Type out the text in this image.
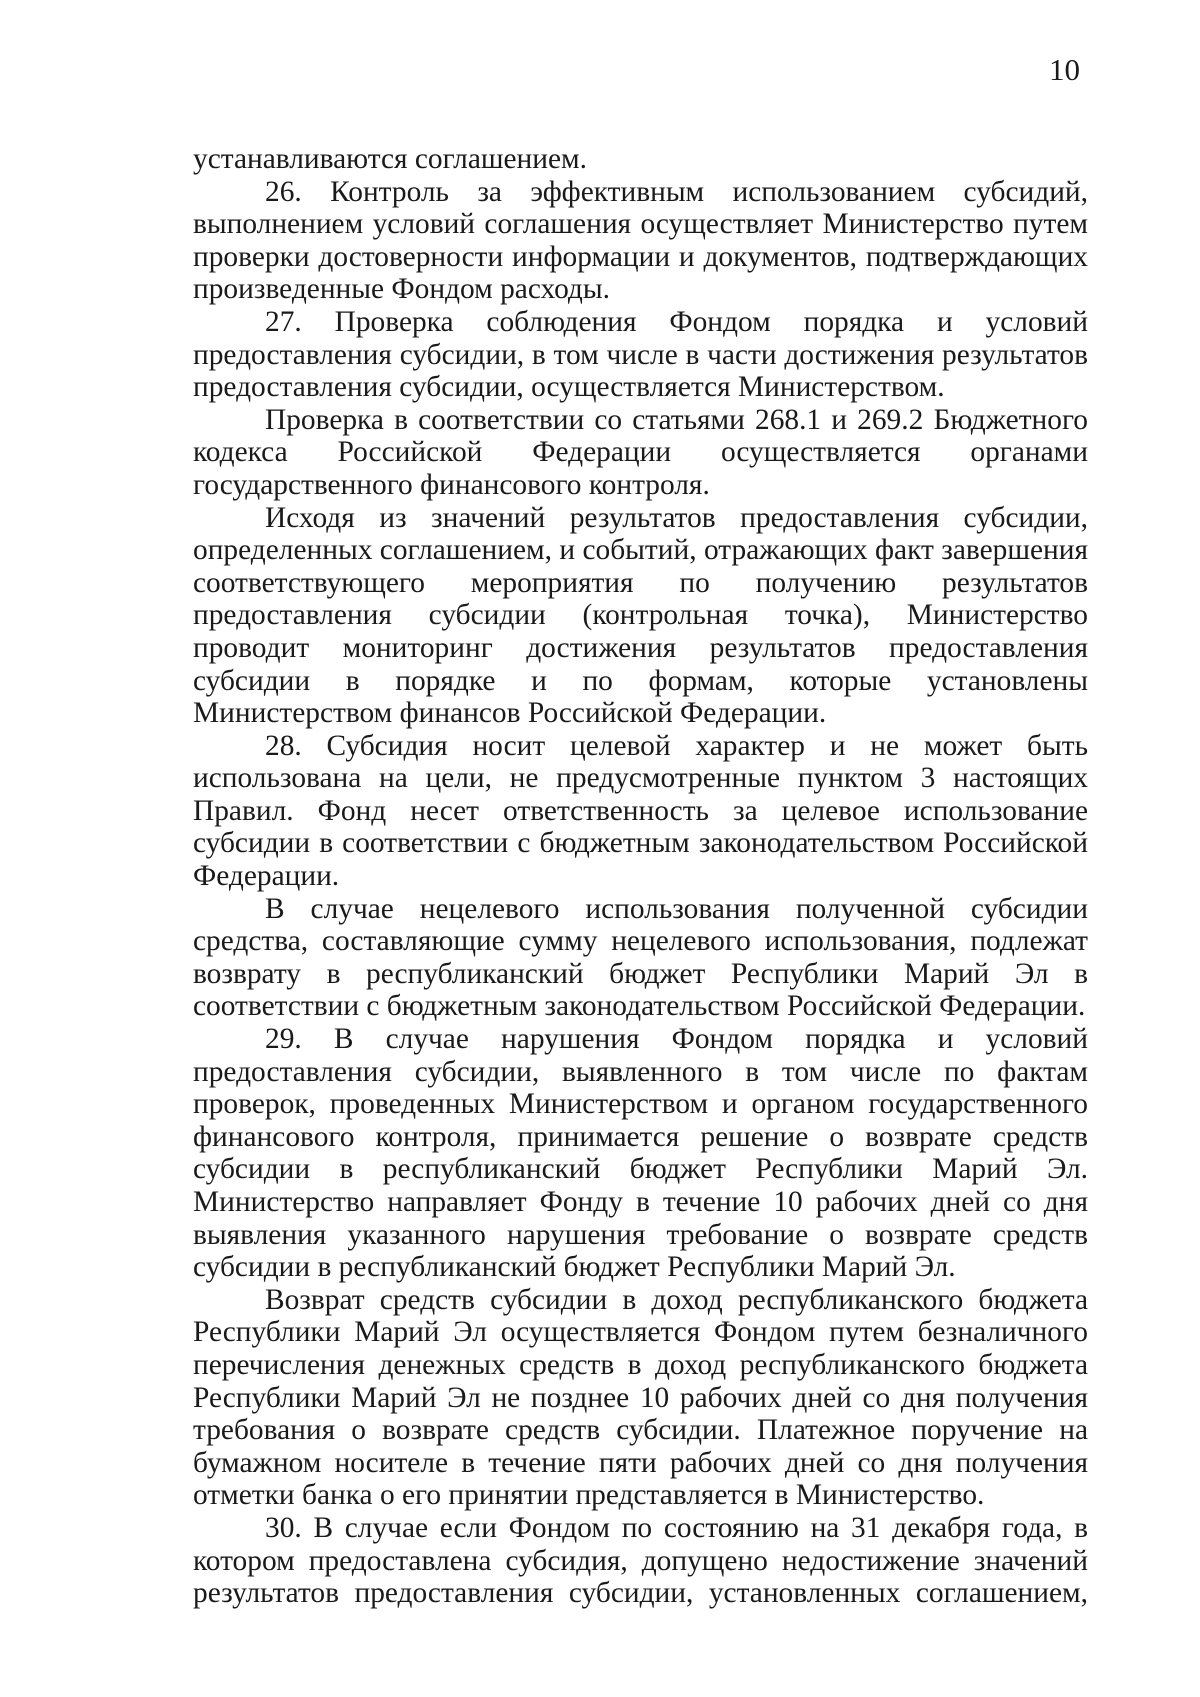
10

устанавливаются соглашением.

26. Контроль за эффективным использованием субсидий, выполнением условий соглашения осуществляет Министерство путем проверки достоверности информации и документов, подтверждающих произведенные Фондом расходы.

27. Проверка соблюдения Фондом порядка и условий предоставления субсидии, в том числе в части достижения результатов предоставления субсидии, осуществляется Министерством.

Проверка в соответствии со статьями 268.1 и 269.2 Бюджетного кодекса Российской Федерации осуществляется органами государственного финансового контроля.

Исходя из значений результатов предоставления субсидии, определенных соглашением, и событий, отражающих факт завершения соответствующего мероприятия по получению результатов предоставления субсидии (контрольная точка), Министерство проводит мониторинг достижения результатов предоставления субсидии в порядке и по формам, которые установлены Министерством финансов Российской Федерации.

28. Субсидия носит целевой характер и не может быть использована на цели, не предусмотренные пунктом 3 настоящих Правил. Фонд несет ответственность за целевое использование субсидии в соответствии с бюджетным законодательством Российской Федерации.

В случае нецелевого использования полученной субсидии средства, составляющие сумму нецелевого использования, подлежат возврату в республиканский бюджет Республики Марий Эл в соответствии с бюджетным законодательством Российской Федерации.

29. В случае нарушения Фондом порядка и условий предоставления субсидии, выявленного в том числе по фактам проверок, проведенных Министерством и органом государственного финансового контроля, принимается решение о возврате средств субсидии в республиканский бюджет Республики Марий Эл. Министерство направляет Фонду в течение 10 рабочих дней со дня выявления указанного нарушения требование о возврате средств субсидии в республиканский бюджет Республики Марий Эл.

Возврат средств субсидии в доход республиканского бюджета Республики Марий Эл осуществляется Фондом путем безналичного перечисления денежных средств в доход республиканского бюджета Республики Марий Эл не позднее 10 рабочих дней со дня получения требования о возврате средств субсидии. Платежное поручение на бумажном носителе в течение пяти рабочих дней со дня получения отметки банка о его принятии представляется в Министерство.

30. В случае если Фондом по состоянию на 31 декабря года, в котором предоставлена субсидия, допущено недостижение значений результатов предоставления субсидии, установленных соглашением,
